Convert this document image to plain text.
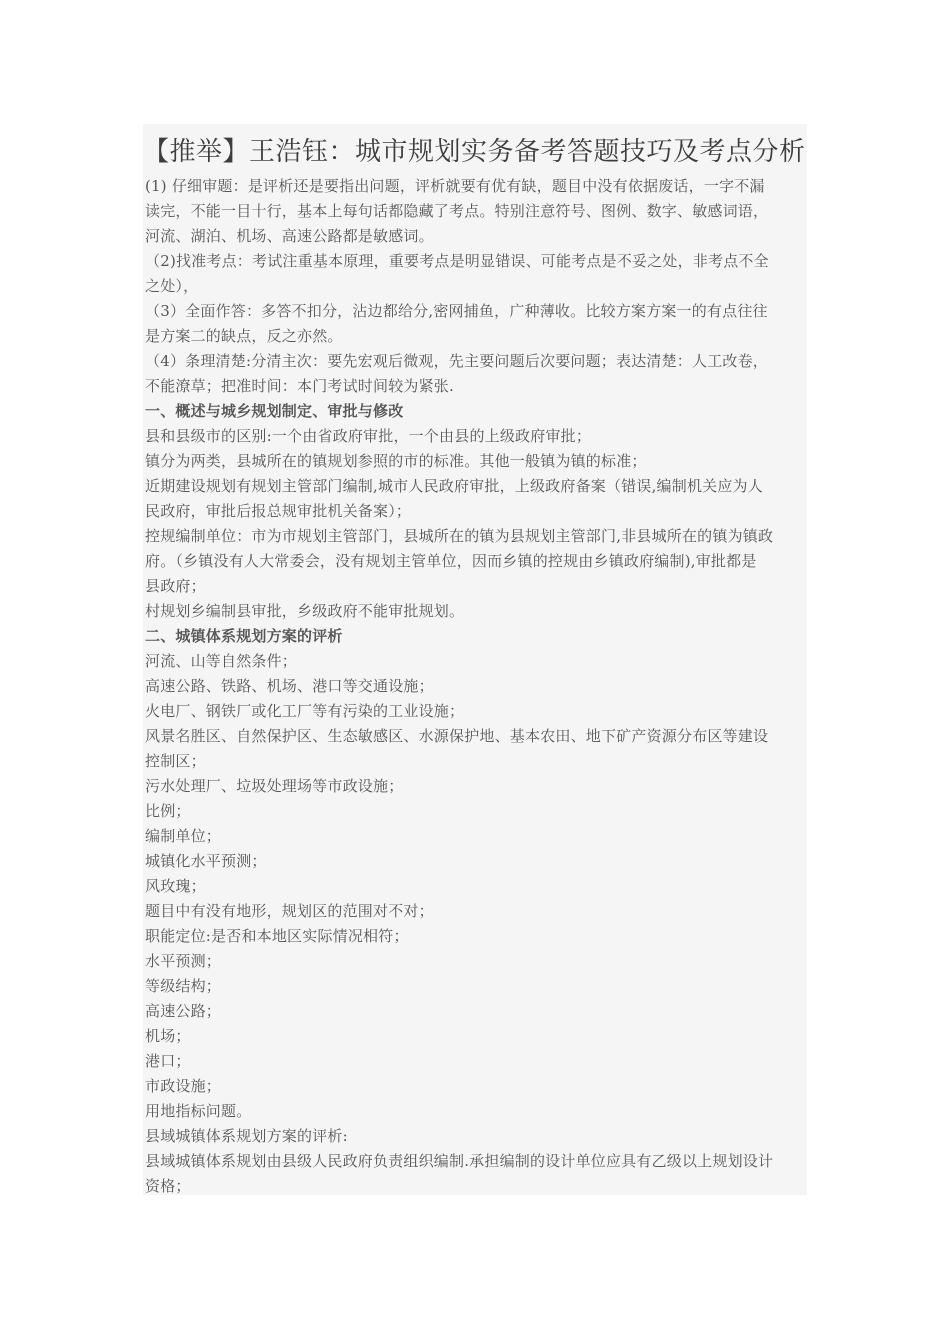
【推举】王浩钰：城市规划实务备考答题技巧及考点分析
(1) 仔细审题：是评析还是要指出问题，评析就要有优有缺，题目中没有依据废话，一字不漏
读完，不能一目十行，基本上每句话都隐藏了考点。特别注意符号、图例、数字、敏感词语，
河流、湖泊、机场、高速公路都是敏感词。
（2)找准考点：考试注重基本原理，重要考点是明显错误、可能考点是不妥之处，非考点不全
之处），
（3）全面作答：多答不扣分，沾边都给分,密网捕鱼，广种薄收。比较方案方案一的有点往往
是方案二的缺点，反之亦然。
（4）条理清楚:分清主次：要先宏观后微观，先主要问题后次要问题；表达清楚：人工改卷，
不能潦草；把准时间：本门考试时间较为紧张.
一、概述与城乡规划制定、审批与修改
县和县级市的区别:一个由省政府审批，一个由县的上级政府审批；
镇分为两类，县城所在的镇规划参照的市的标准。其他一般镇为镇的标准；
近期建设规划有规划主管部门编制,城市人民政府审批，上级政府备案（错误,编制机关应为人
民政府，审批后报总规审批机关备案）；
控规编制单位：市为市规划主管部门，县城所在的镇为县规划主管部门,非县城所在的镇为镇政
府。（乡镇没有人大常委会，没有规划主管单位，因而乡镇的控规由乡镇政府编制),审批都是
县政府；
村规划乡编制县审批，乡级政府不能审批规划。
二、城镇体系规划方案的评析
河流、山等自然条件；
高速公路、铁路、机场、港口等交通设施；
火电厂、钢铁厂或化工厂等有污染的工业设施；
风景名胜区、自然保护区、生态敏感区、水源保护地、基本农田、地下矿产资源分布区等建设
控制区；
污水处理厂、垃圾处理场等市政设施；
比例；
编制单位；
城镇化水平预测；
风玫瑰；
题目中有没有地形，规划区的范围对不对；
职能定位:是否和本地区实际情况相符；
水平预测；
等级结构；
高速公路；
机场；
港口；
市政设施；
用地指标问题。
县域城镇体系规划方案的评析:
县域城镇体系规划由县级人民政府负责组织编制.承担编制的设计单位应具有乙级以上规划设计
资格；
